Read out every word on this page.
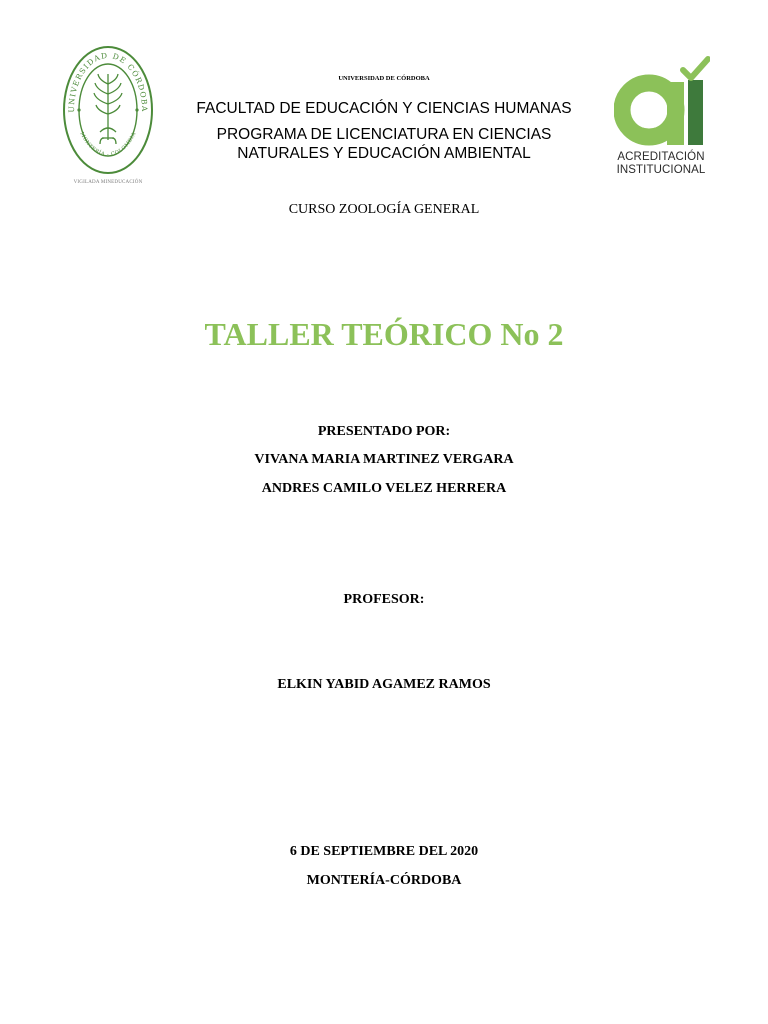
UNIVERSIDAD DE CÓRDOBA
MONTERÍA - COLOMBIA
VIGILADA MINEDUCACIÓN
UNIVERSIDAD DE CÓRDOBA
FACULTAD DE EDUCACIÓN Y CIENCIAS HUMANAS
PROGRAMA DE LICENCIATURA EN CIENCIAS
NATURALES Y EDUCACIÓN AMBIENTAL
CURSO ZOOLOGÍA GENERAL
ACREDITACIÓN
INSTITUCIONAL
TALLER TEÓRICO No 2
PRESENTADO POR:
VIVANA MARIA MARTINEZ VERGARA
ANDRES CAMILO VELEZ HERRERA
PROFESOR:
ELKIN YABID AGAMEZ RAMOS
6 DE SEPTIEMBRE DEL 2020
MONTERÍA-CÓRDOBA
